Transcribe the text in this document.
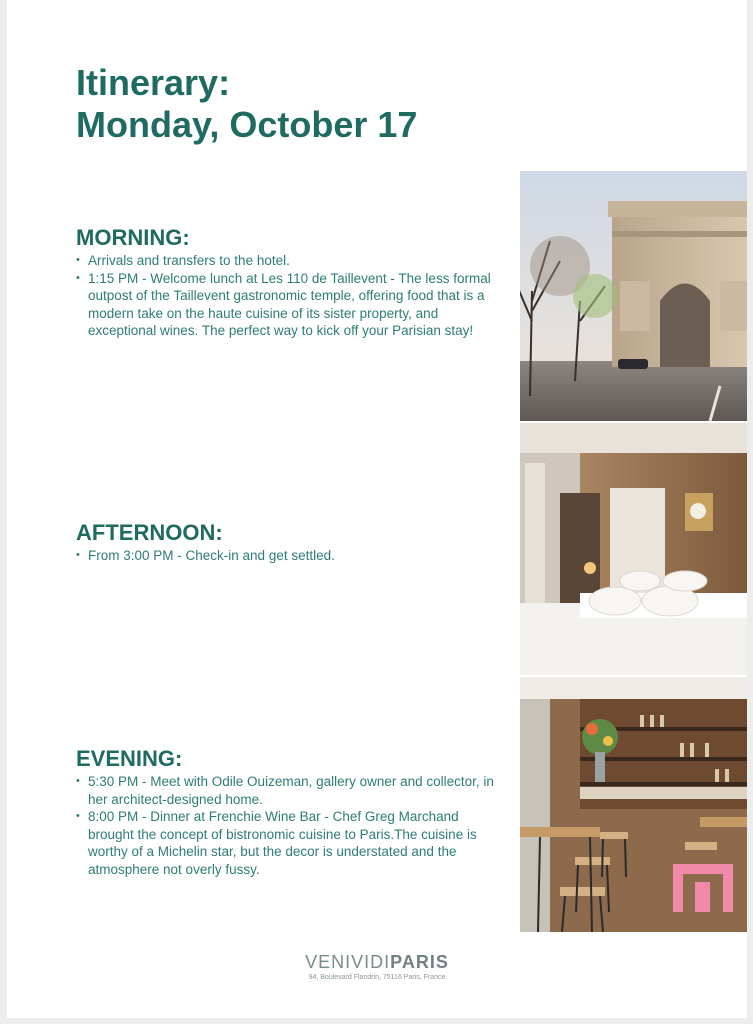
Itinerary:
Monday, October 17
MORNING:
• Arrivals and transfers to the hotel.
• 1:15 PM - Welcome lunch at Les 110 de Taillevent - The less formal outpost of the Taillevent gastronomic temple, offering food that is a modern take on the haute cuisine of its sister property, and exceptional wines. The perfect way to kick off your Parisian stay!
AFTERNOON:
• From 3:00 PM - Check-in and get settled.
EVENING:
• 5:30 PM - Meet with Odile Ouizeman, gallery owner and collector, in her architect-designed home.
• 8:00 PM - Dinner at Frenchie Wine Bar - Chef Greg Marchand brought the concept of bistronomic cuisine to Paris.The cuisine is worthy of a Michelin star, but the decor is understated and the atmosphere not overly fussy.
VENIVIDIPARIS
94, Boulevard Flandrin, 75116 Paris, France
